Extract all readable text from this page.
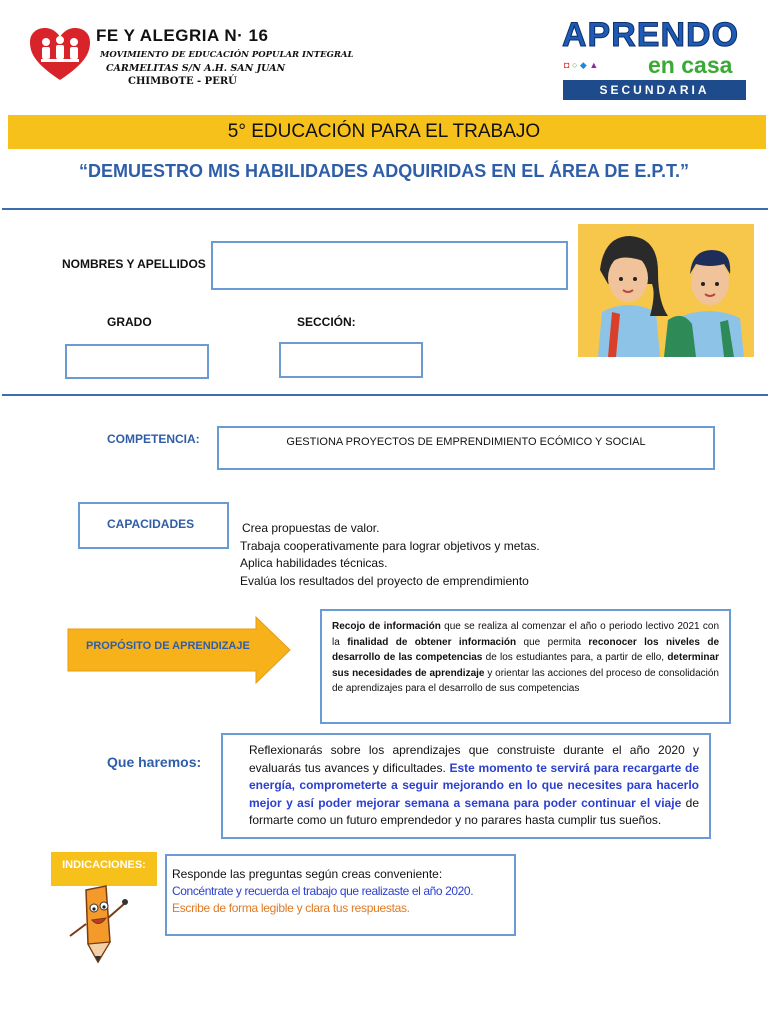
FE Y ALEGRIA N· 16
MOVIMIENTO DE EDUCACIÓN POPULAR INTEGRAL
CARMELITAS S/N A.H. SAN JUAN
CHIMBOTE - PERÚ
APRENDO
◘ ○ ◆ ▲ en casa
SECUNDARIA
5° EDUCACIÓN PARA EL TRABAJO
“DEMUESTRO MIS HABILIDADES ADQUIRIDAS EN EL ÁREA DE E.P.T.”
NOMBRES Y APELLIDOS
GRADO	SECCIÓN:
COMPETENCIA:	GESTIONA PROYECTOS DE EMPRENDIMIENTO ECÓMICO Y SOCIAL
CAPACIDADES	Crea propuestas de valor.
Trabaja cooperativamente para lograr objetivos y metas.
Aplica habilidades técnicas.
Evalúa los resultados del proyecto de emprendimiento
PROPÓSITO DE APRENDIZAJE
Recojo de información que se realiza al comenzar el año o periodo lectivo 2021 con la finalidad de obtener información que permita reconocer los niveles de desarrollo de las competencias de los estudiantes para, a partir de ello, determinar sus necesidades de aprendizaje y orientar las acciones del proceso de consolidación de aprendizajes para el desarrollo de sus competencias
Que haremos:
Reflexionarás sobre los aprendizajes que construiste durante el año 2020 y evaluarás tus avances y dificultades. Este momento te servirá para recargarte de energía, comprometerte a seguir mejorando en lo que necesites para hacerlo mejor y así poder mejorar semana a semana para poder continuar el viaje de formarte como un futuro emprendedor y no parares hasta cumplir tus sueños.
INDICACIONES:
Responde las preguntas según creas conveniente:
Concéntrate y recuerda el trabajo que realizaste el año 2020.
Escribe de forma legible y clara tus respuestas.
